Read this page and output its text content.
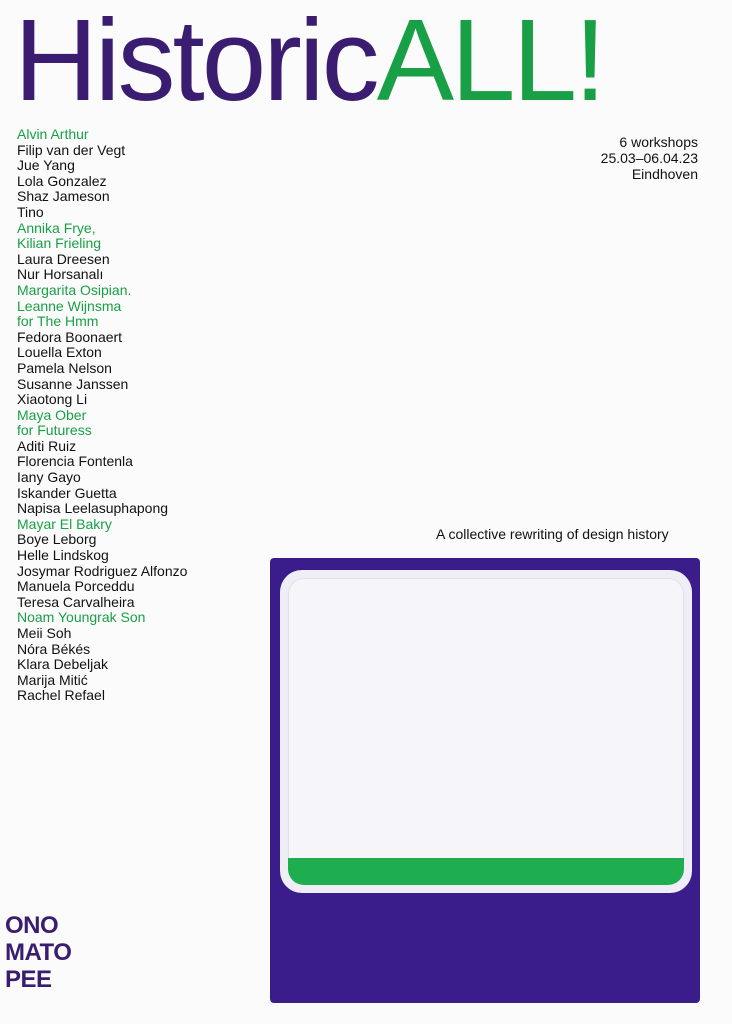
HistoricALL!
Alvin Arthur
Filip van der Vegt
Jue Yang
Lola Gonzalez
Shaz Jameson
Tino
Annika Frye,
Kilian Frieling
Laura Dreesen
Nur Horsanalı
Margarita Osipian.
Leanne Wijnsma
for The Hmm
Fedora Boonaert
Louella Exton
Pamela Nelson
Susanne Janssen
Xiaotong Li
Maya Ober
for Futuress
Aditi Ruiz
Florencia Fontenla
Iany Gayo
Iskander Guetta
Napisa Leelasuphapong
Mayar El Bakry
Boye Leborg
Helle Lindskog
Josymar Rodriguez Alfonzo
Manuela Porceddu
Teresa Carvalheira
Noam Youngrak Son
Meii Soh
Nóra Békés
Klara Debeljak
Marija Mitić
Rachel Refael
6 workshops
25.03–06.04.23
Eindhoven
A collective rewriting of design history
ONO
MATO
PEE
